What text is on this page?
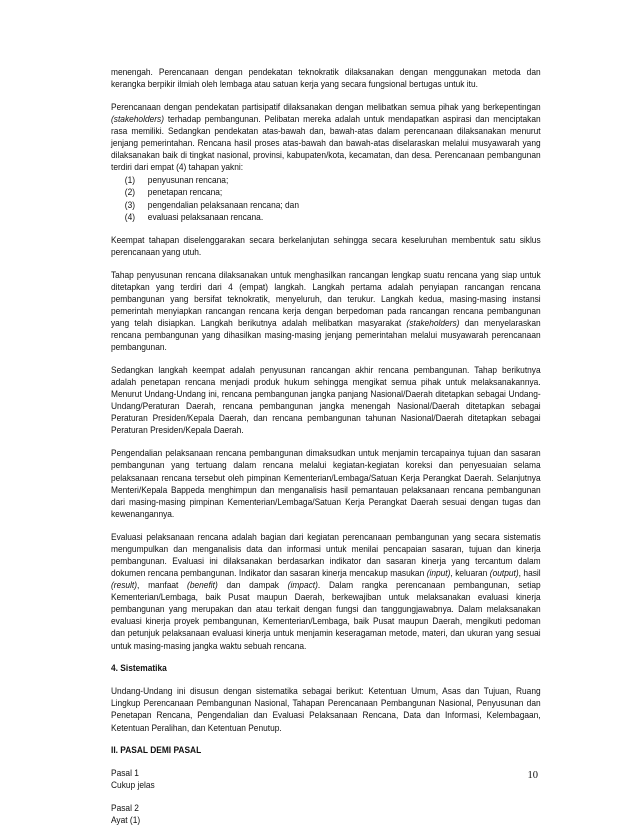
menengah. Perencanaan dengan pendekatan teknokratik dilaksanakan dengan menggunakan metoda dan kerangka berpikir ilmiah oleh lembaga atau satuan kerja yang secara fungsional bertugas untuk itu.

Perencanaan dengan pendekatan partisipatif dilaksanakan dengan melibatkan semua pihak yang berkepentingan (stakeholders) terhadap pembangunan. Pelibatan mereka adalah untuk mendapatkan aspirasi dan menciptakan rasa memiliki. Sedangkan pendekatan atas-bawah dan, bawah-atas dalam perencanaan dilaksanakan menurut jenjang pemerintahan. Rencana hasil proses atas-bawah dan bawah-atas diselaraskan melalui musyawarah yang dilaksanakan baik di tingkat nasional, provinsi, kabupaten/kota, kecamatan, dan desa. Perencanaan pembangunan terdiri dari empat (4) tahapan yakni:

(1)	penyusunan rencana;
(2)	penetapan rencana;
(3)	pengendalian pelaksanaan rencana; dan
(4)	evaluasi pelaksanaan rencana.

Keempat tahapan diselenggarakan secara berkelanjutan sehingga secara keseluruhan membentuk satu siklus perencanaan yang utuh.

Tahap penyusunan rencana dilaksanakan untuk menghasilkan rancangan lengkap suatu rencana yang siap untuk ditetapkan yang terdiri dari 4 (empat) langkah. Langkah pertama adalah penyiapan rancangan rencana pembangunan yang bersifat teknokratik, menyeluruh, dan terukur. Langkah kedua, masing-masing instansi pemerintah menyiapkan rancangan rencana kerja dengan berpedoman pada rancangan rencana pembangunan yang telah disiapkan. Langkah berikutnya adalah melibatkan masyarakat (stakeholders) dan menyelaraskan rencana pembangunan yang dihasilkan masing-masing jenjang pemerintahan melalui musyawarah perencanaan pembangunan.

Sedangkan langkah keempat adalah penyusunan rancangan akhir rencana pembangunan. Tahap berikutnya adalah penetapan rencana menjadi produk hukum sehingga mengikat semua pihak untuk melaksanakannya. Menurut Undang-Undang ini, rencana pembangunan jangka panjang Nasional/Daerah ditetapkan sebagai Undang-Undang/Peraturan Daerah, rencana pembangunan jangka menengah Nasional/Daerah ditetapkan sebagai Peraturan Presiden/Kepala Daerah, dan rencana pembangunan tahunan Nasional/Daerah ditetapkan sebagai Peraturan Presiden/Kepala Daerah.

Pengendalian pelaksanaan rencana pembangunan dimaksudkan untuk menjamin tercapainya tujuan dan sasaran pembangunan yang tertuang dalam rencana melalui kegiatan-kegiatan koreksi dan penyesuaian selama pelaksanaan rencana tersebut oleh pimpinan Kementerian/Lembaga/Satuan Kerja Perangkat Daerah. Selanjutnya Menteri/Kepala Bappeda menghimpun dan menganalisis hasil pemantauan pelaksanaan rencana pembangunan dari masing-masing pimpinan Kementerian/Lembaga/Satuan Kerja Perangkat Daerah sesuai dengan tugas dan kewenangannya.

Evaluasi pelaksanaan rencana adalah bagian dari kegiatan perencanaan pembangunan yang secara sistematis mengumpulkan dan menganalisis data dan informasi untuk menilai pencapaian sasaran, tujuan dan kinerja pembangunan. Evaluasi ini dilaksanakan berdasarkan indikator dan sasaran kinerja yang tercantum dalam dokumen rencana pembangunan. Indikator dan sasaran kinerja mencakup masukan (input), keluaran (output), hasil (result), manfaat (benefit) dan dampak (impact). Dalam rangka perencanaan pembangunan, setiap Kementerian/Lembaga, baik Pusat maupun Daerah, berkewajiban untuk melaksanakan evaluasi kinerja pembangunan yang merupakan dan atau terkait dengan fungsi dan tanggungjawabnya. Dalam melaksanakan evaluasi kinerja proyek pembangunan, Kementerian/Lembaga, baik Pusat maupun Daerah, mengikuti pedoman dan petunjuk pelaksanaan evaluasi kinerja untuk menjamin keseragaman metode, materi, dan ukuran yang sesuai untuk masing-masing jangka waktu sebuah rencana.

4. Sistematika

Undang-Undang ini disusun dengan sistematika sebagai berikut: Ketentuan Umum, Asas dan Tujuan, Ruang Lingkup Perencanaan Pembangunan Nasional, Tahapan Perencanaan Pembangunan Nasional, Penyusunan dan Penetapan Rencana, Pengendalian dan Evaluasi Pelaksanaan Rencana, Data dan Informasi, Kelembagaan, Ketentuan Peralihan, dan Ketentuan Penutup.

II. PASAL DEMI PASAL

Pasal 1

Cukup jelas

Pasal 2

Ayat (1)

10
